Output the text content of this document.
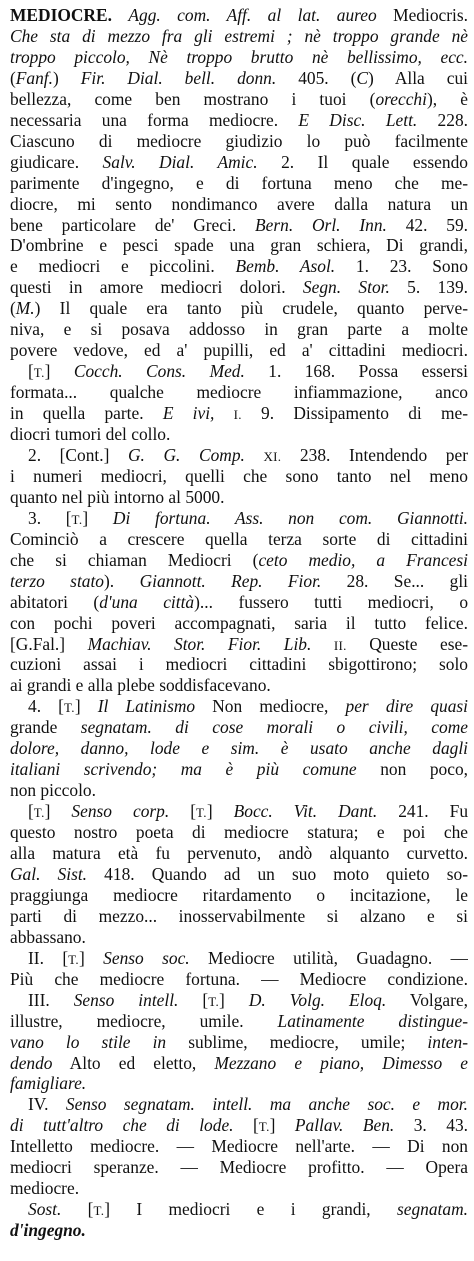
MEDIOCRE. Agg. com. Aff. al lat. aureo Mediocris.
Che sta di mezzo fra gli estremi ; nè troppo grande nè
troppo piccolo, Nè troppo brutto nè bellissimo, ecc.
(Fanf.) Fir. Dial. bell. donn. 405. (C) Alla cui
bellezza, come ben mostrano i tuoi (orecchi), è
necessaria una forma mediocre. E Disc. Lett. 228.
Ciascuno di mediocre giudizio lo può facilmente
giudicare. Salv. Dial. Amic. 2. Il quale essendo
parimente d'ingegno, e di fortuna meno che me-
diocre, mi sento nondimanco avere dalla natura un
bene particolare de' Greci. Bern. Orl. Inn. 42. 59.
D'ombrine e pesci spade una gran schiera, Di grandi,
e mediocri e piccolini. Bemb. Asol. 1. 23. Sono
questi in amore mediocri dolori. Segn. Stor. 5. 139.
(M.) Il quale era tanto più crudele, quanto perve-
niva, e si posava addosso in gran parte a molte
povere vedove, ed a' pupilli, ed a' cittadini mediocri.
[T.] Cocch. Cons. Med. 1. 168. Possa essersi
formata... qualche mediocre infiammazione, anco
in quella parte. E ivi, I. 9. Dissipamento di me-
diocri tumori del collo.
2. [Cont.] G. G. Comp. XI. 238. Intendendo per
i numeri mediocri, quelli che sono tanto nel meno
quanto nel più intorno al 5000.
3. [T.] Di fortuna. Ass. non com. Giannotti.
Cominciò a crescere quella terza sorte di cittadini
che si chiaman Mediocri (ceto medio, a Francesi
terzo stato). Giannott. Rep. Fior. 28. Se... gli
abitatori (d'una città)... fussero tutti mediocri, o
con pochi poveri accompagnati, saria il tutto felice.
[G.Fal.] Machiav. Stor. Fior. Lib. II. Queste ese-
cuzioni assai i mediocri cittadini sbigottirono; solo
ai grandi e alla plebe soddisfacevano.
4. [T.] Il Latinismo Non mediocre, per dire quasi
grande segnatam. di cose morali o civili, come
dolore, danno, lode e sim. è usato anche dagli
italiani scrivendo; ma è più comune non poco,
non piccolo.
[T.] Senso corp. [T.] Bocc. Vit. Dant. 241. Fu
questo nostro poeta di mediocre statura; e poi che
alla matura età fu pervenuto, andò alquanto curvetto.
Gal. Sist. 418. Quando ad un suo moto quieto so-
praggiunga mediocre ritardamento o incitazione, le
parti di mezzo... inosservabilmente si alzano e si
abbassano.
II. [T.] Senso soc. Mediocre utilità, Guadagno. —
Più che mediocre fortuna. — Mediocre condizione.
III. Senso intell. [T.] D. Volg. Eloq. Volgare,
illustre, mediocre, umile. Latinamente distingue-
vano lo stile in sublime, mediocre, umile; inten-
dendo Alto ed eletto, Mezzano e piano, Dimesso e
famigliare.
IV. Senso segnatam. intell. ma anche soc. e mor.
di tutt'altro che di lode. [T.] Pallav. Ben. 3. 43.
Intelletto mediocre. — Mediocre nell'arte. — Di non
mediocri speranze. — Mediocre profitto. — Opera
mediocre.
Sost. [T.] I mediocri e i grandi, segnatam.
d'ingegno.
